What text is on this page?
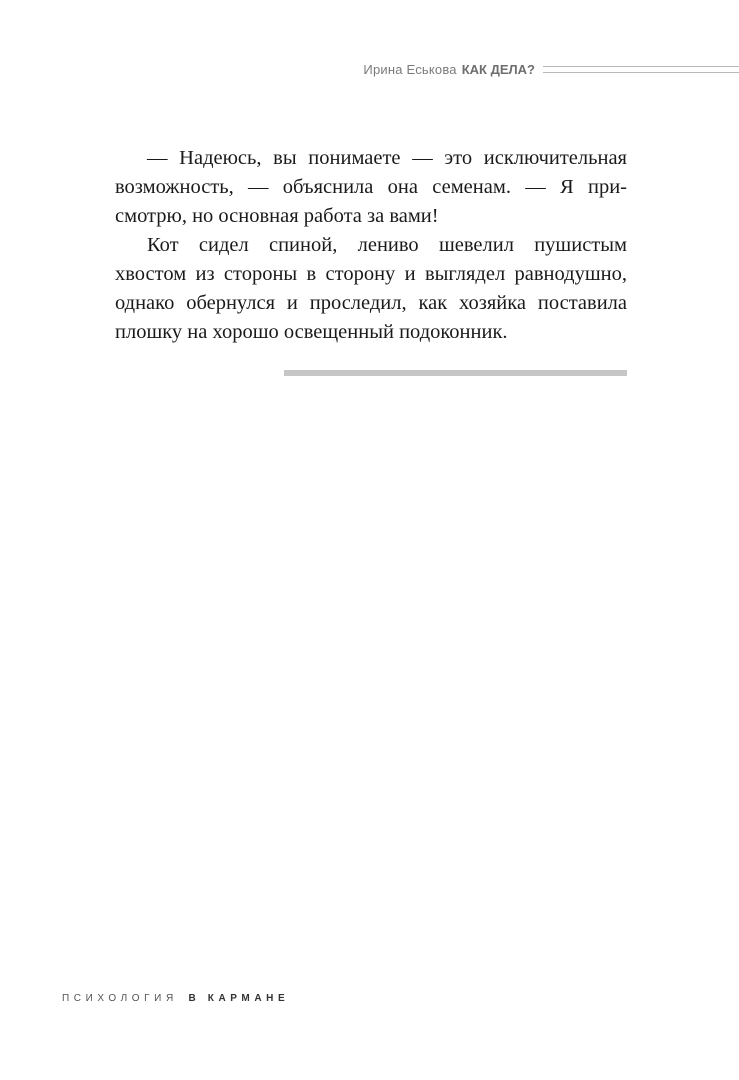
Ирина Еськова КАК ДЕЛА?

— Надеюсь, вы понимаете — это исключительная возможность, — объяснила она семенам. — Я присмотрю, но основная работа за вами!

Кот сидел спиной, лениво шевелил пушистым хвостом из стороны в сторону и выглядел равнодушно, однако обернулся и проследил, как хозяйка поставила плошку на хорошо освещенный подоконник.

ПСИХОЛОГИЯ В КАРМАНЕ
